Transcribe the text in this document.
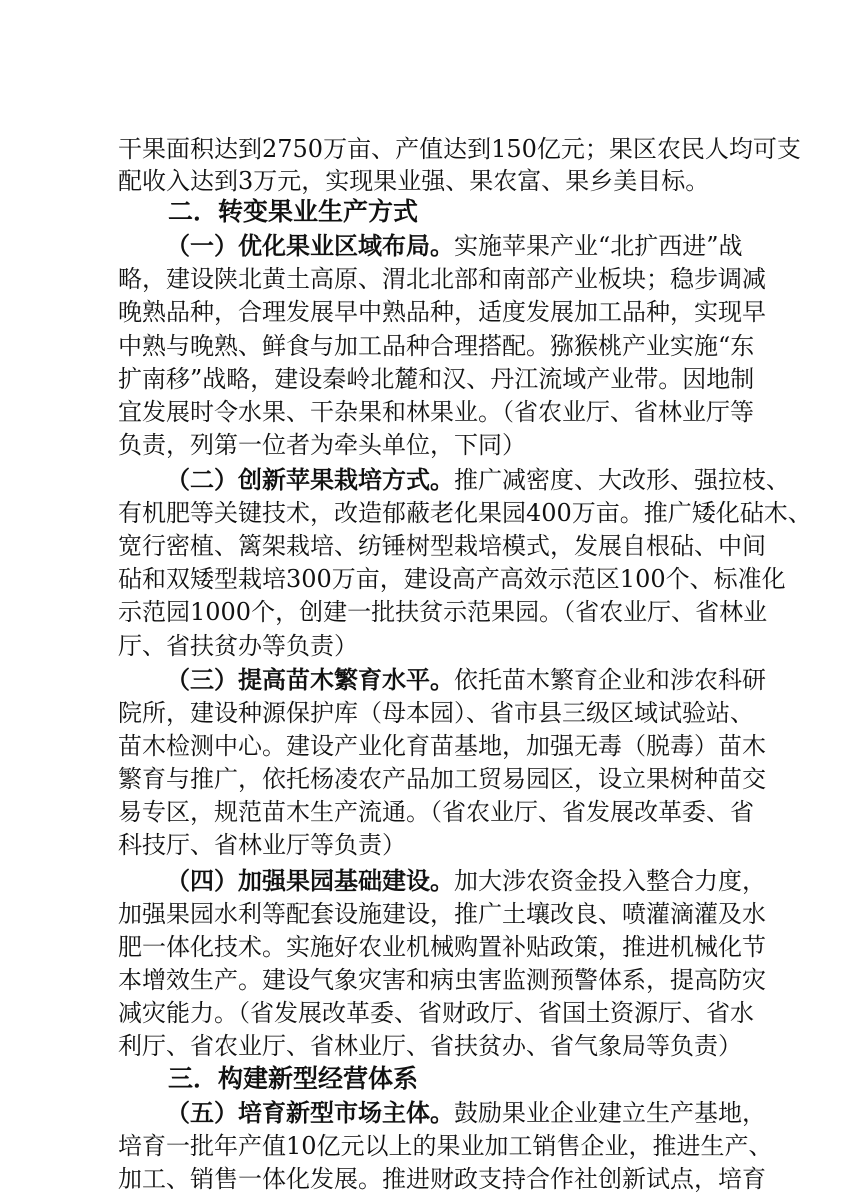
干果面积达到2750万亩、产值达到150亿元；果区农民人均可支
配收入达到3万元，实现果业强、果农富、果乡美目标。
二．转变果业生产方式
（一）优化果业区域布局。实施苹果产业“北扩西进”战
略，建设陕北黄土高原、渭北北部和南部产业板块；稳步调减
晚熟品种，合理发展早中熟品种，适度发展加工品种，实现早
中熟与晚熟、鲜食与加工品种合理搭配。猕猴桃产业实施“东
扩南移”战略，建设秦岭北麓和汉、丹江流域产业带。因地制
宜发展时令水果、干杂果和林果业。（省农业厅、省林业厅等
负责，列第一位者为牵头单位，下同）
（二）创新苹果栽培方式。推广减密度、大改形、强拉枝、
有机肥等关键技术，改造郁蔽老化果园400万亩。推广矮化砧木、
宽行密植、篱架栽培、纺锤树型栽培模式，发展自根砧、中间
砧和双矮型栽培300万亩，建设高产高效示范区100个、标准化
示范园1000个，创建一批扶贫示范果园。（省农业厅、省林业
厅、省扶贫办等负责）
（三）提高苗木繁育水平。依托苗木繁育企业和涉农科研
院所，建设种源保护库（母本园）、省市县三级区域试验站、
苗木检测中心。建设产业化育苗基地，加强无毒（脱毒）苗木
繁育与推广，依托杨凌农产品加工贸易园区，设立果树种苗交
易专区，规范苗木生产流通。（省农业厅、省发展改革委、省
科技厅、省林业厅等负责）
（四）加强果园基础建设。加大涉农资金投入整合力度，
加强果园水利等配套设施建设，推广土壤改良、喷灌滴灌及水
肥一体化技术。实施好农业机械购置补贴政策，推进机械化节
本增效生产。建设气象灾害和病虫害监测预警体系，提高防灾
减灾能力。（省发展改革委、省财政厅、省国土资源厅、省水
利厅、省农业厅、省林业厅、省扶贫办、省气象局等负责）
三．构建新型经营体系
（五）培育新型市场主体。鼓励果业企业建立生产基地，
培育一批年产值10亿元以上的果业加工销售企业，推进生产、
加工、销售一体化发展。推进财政支持合作社创新试点，培育
